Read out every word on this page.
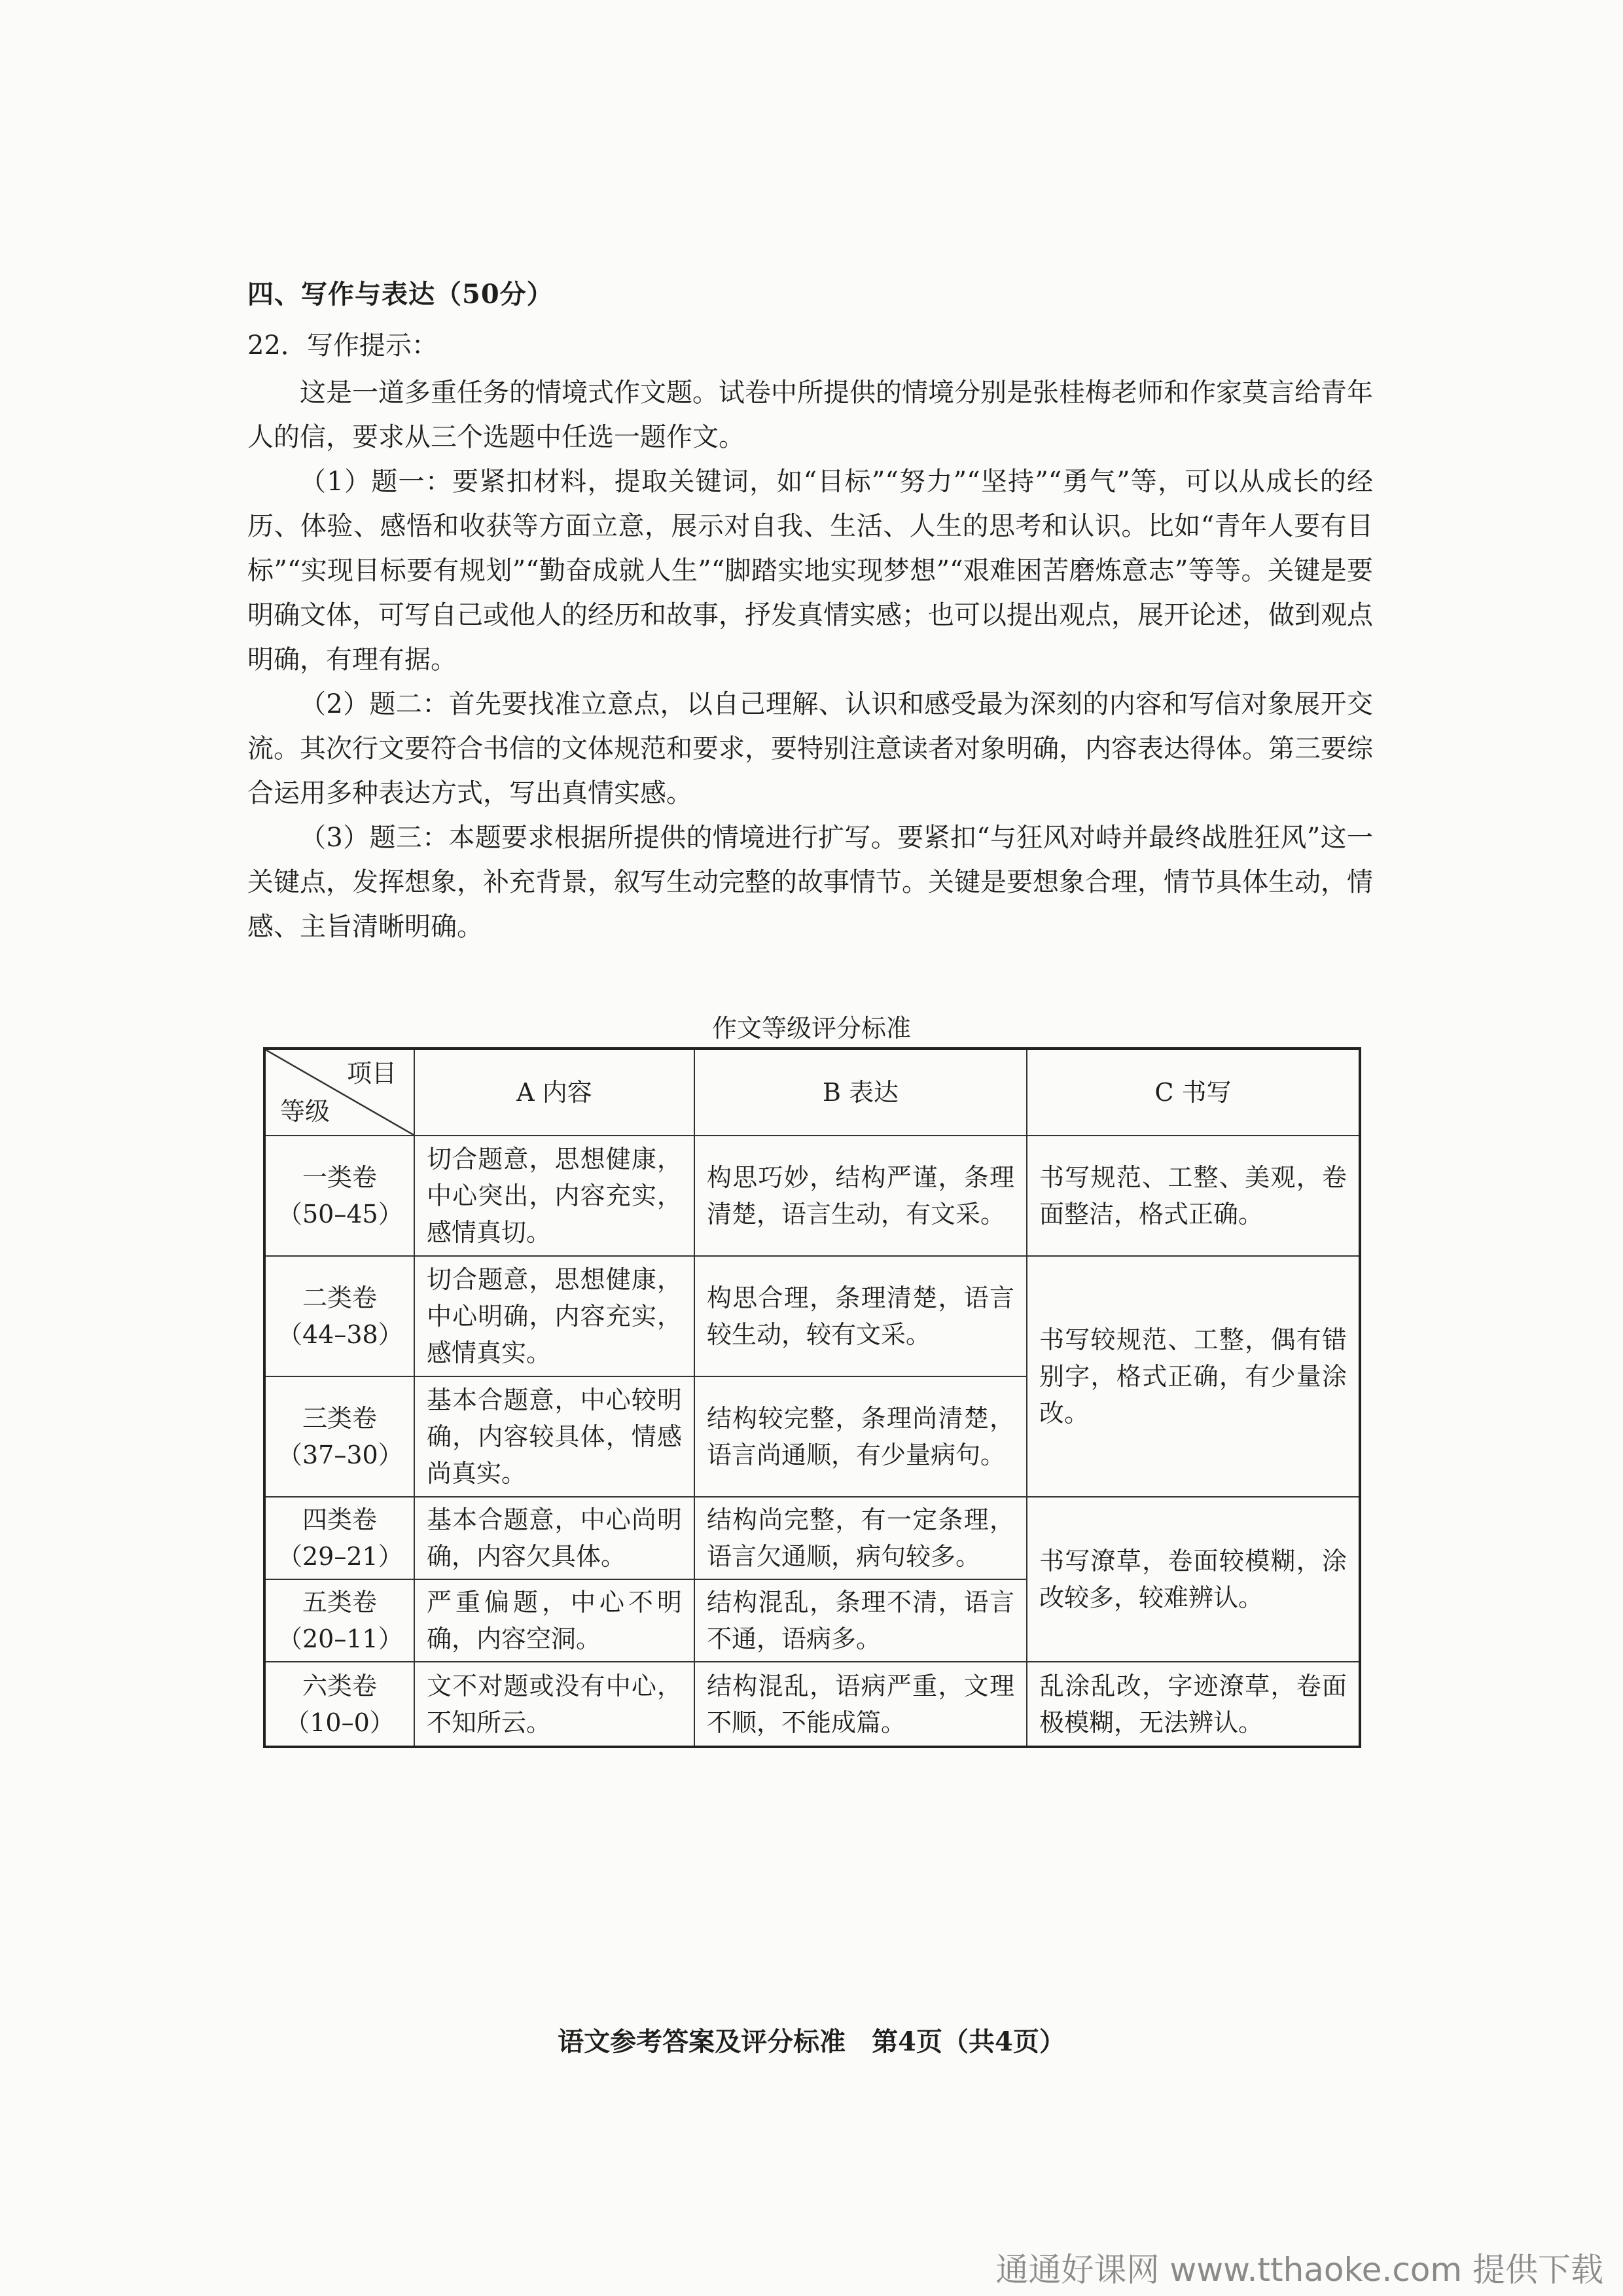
四、写作与表达（50分）
22．写作提示：

这是一道多重任务的情境式作文题。试卷中所提供的情境分别是张桂梅老师和作家莫言给青年人的信，要求从三个选题中任选一题作文。

（1）题一：要紧扣材料，提取关键词，如“目标”“努力”“坚持”“勇气”等，可以从成长的经历、体验、感悟和收获等方面立意，展示对自我、生活、人生的思考和认识。比如“青年人要有目标”“实现目标要有规划”“勤奋成就人生”“脚踏实地实现梦想”“艰难困苦磨炼意志”等等。关键是要明确文体，可写自己或他人的经历和故事，抒发真情实感；也可以提出观点，展开论述，做到观点明确，有理有据。

（2）题二：首先要找准立意点，以自己理解、认识和感受最为深刻的内容和写信对象展开交流。其次行文要符合书信的文体规范和要求，要特别注意读者对象明确，内容表达得体。第三要综合运用多种表达方式，写出真情实感。

（3）题三：本题要求根据所提供的情境进行扩写。要紧扣“与狂风对峙并最终战胜狂风”这一关键点，发挥想象，补充背景，叙写生动完整的故事情节。关键是要想象合理，情节具体生动，情感、主旨清晰明确。

作文等级评分标准
项目
等级	A 内容	B 表达	C 书写

一类卷
（50–45）	切合题意，思想健康，中心突出，内容充实，感情真切。	构思巧妙，结构严谨，条理清楚，语言生动，有文采。	书写规范、工整、美观，卷面整洁，格式正确。

二类卷
（44–38）	切合题意，思想健康，中心明确，内容充实，感情真实。	构思合理，条理清楚，语言较生动，较有文采。	书写较规范、工整，偶有错别字，格式正确，有少量涂改。

三类卷
（37–30）	基本合题意，中心较明确，内容较具体，情感尚真实。	结构较完整，条理尚清楚，语言尚通顺，有少量病句。	

四类卷
（29–21）	基本合题意，中心尚明确，内容欠具体。	结构尚完整，有一定条理，语言欠通顺，病句较多。	书写潦草，卷面较模糊，涂改较多，较难辨认。

五类卷
（20–11）	严重偏题，中心不明确，内容空洞。	结构混乱，条理不清，语言不通，语病多。	

六类卷
（10–0）	文不对题或没有中心，不知所云。	结构混乱，语病严重，文理不顺，不能成篇。	乱涂乱改，字迹潦草，卷面极模糊，无法辨认。
语文参考答案及评分标准　第4页（共4页）
通通好课网 www.tthaoke.com 提供下载
